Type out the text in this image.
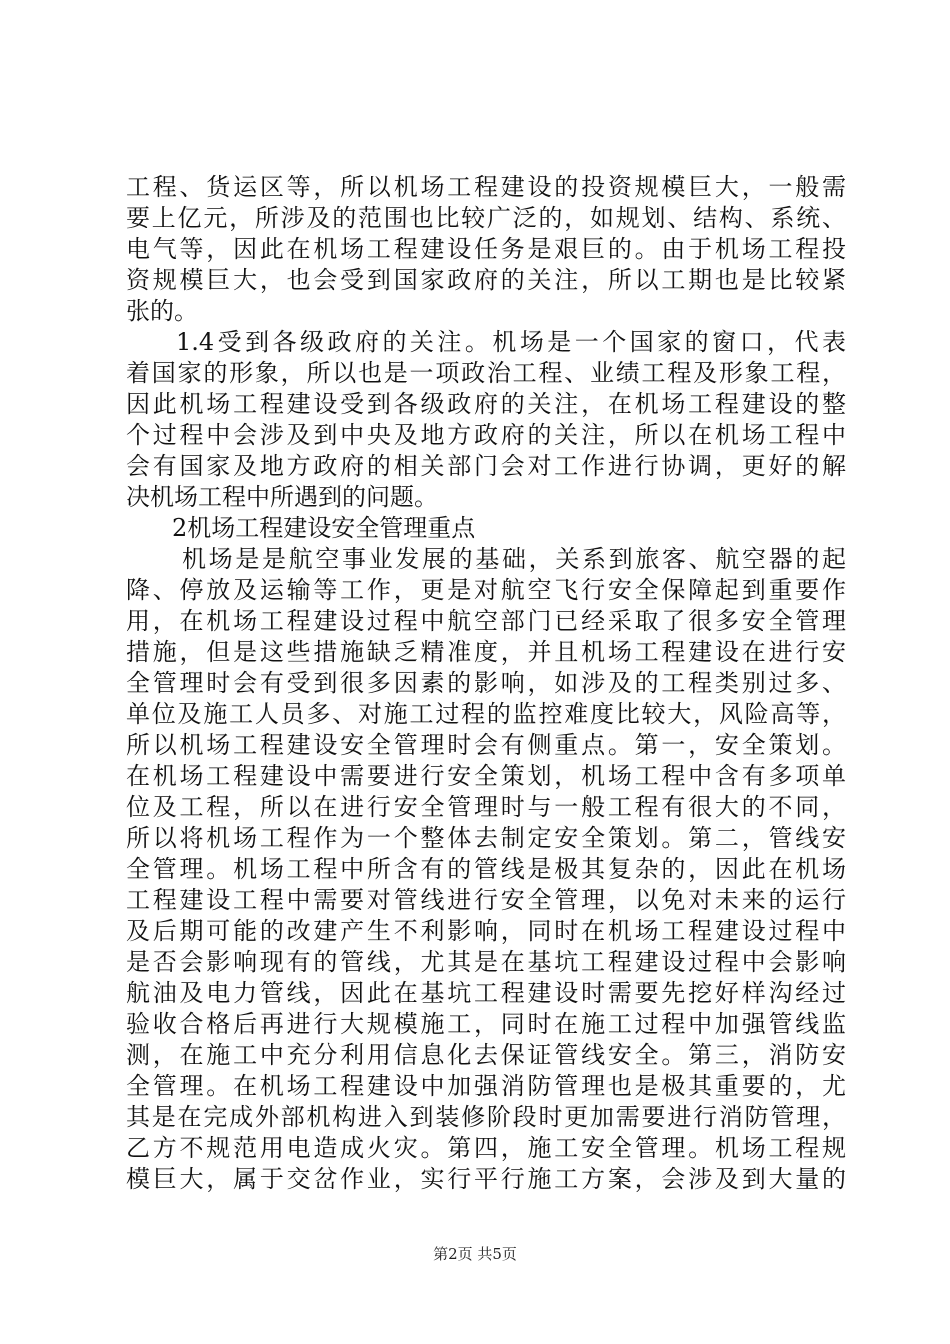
工程、货运区等，所以机场工程建设的投资规模巨大，一般需
要上亿元，所涉及的范围也比较广泛的，如规划、结构、系统、
电气等，因此在机场工程建设任务是艰巨的。由于机场工程投
资规模巨大，也会受到国家政府的关注，所以工期也是比较紧
张的。
1.4受到各级政府的关注。机场是一个国家的窗口，代表
着国家的形象，所以也是一项政治工程、业绩工程及形象工程，
因此机场工程建设受到各级政府的关注，在机场工程建设的整
个过程中会涉及到中央及地方政府的关注，所以在机场工程中
会有国家及地方政府的相关部门会对工作进行协调，更好的解
决机场工程中所遇到的问题。
2机场工程建设安全管理重点
机场是是航空事业发展的基础，关系到旅客、航空器的起
降、停放及运输等工作，更是对航空飞行安全保障起到重要作
用，在机场工程建设过程中航空部门已经采取了很多安全管理
措施，但是这些措施缺乏精准度，并且机场工程建设在进行安
全管理时会有受到很多因素的影响，如涉及的工程类别过多、
单位及施工人员多、对施工过程的监控难度比较大，风险高等，
所以机场工程建设安全管理时会有侧重点。第一，安全策划。
在机场工程建设中需要进行安全策划，机场工程中含有多项单
位及工程，所以在进行安全管理时与一般工程有很大的不同，
所以将机场工程作为一个整体去制定安全策划。第二，管线安
全管理。机场工程中所含有的管线是极其复杂的，因此在机场
工程建设工程中需要对管线进行安全管理，以免对未来的运行
及后期可能的改建产生不利影响，同时在机场工程建设过程中
是否会影响现有的管线，尤其是在基坑工程建设过程中会影响
航油及电力管线，因此在基坑工程建设时需要先挖好样沟经过
验收合格后再进行大规模施工，同时在施工过程中加强管线监
测，在施工中充分利用信息化去保证管线安全。第三，消防安
全管理。在机场工程建设中加强消防管理也是极其重要的，尤
其是在完成外部机构进入到装修阶段时更加需要进行消防管理，
乙方不规范用电造成火灾。第四，施工安全管理。机场工程规
模巨大，属于交岔作业，实行平行施工方案，会涉及到大量的
第2页 共5页
